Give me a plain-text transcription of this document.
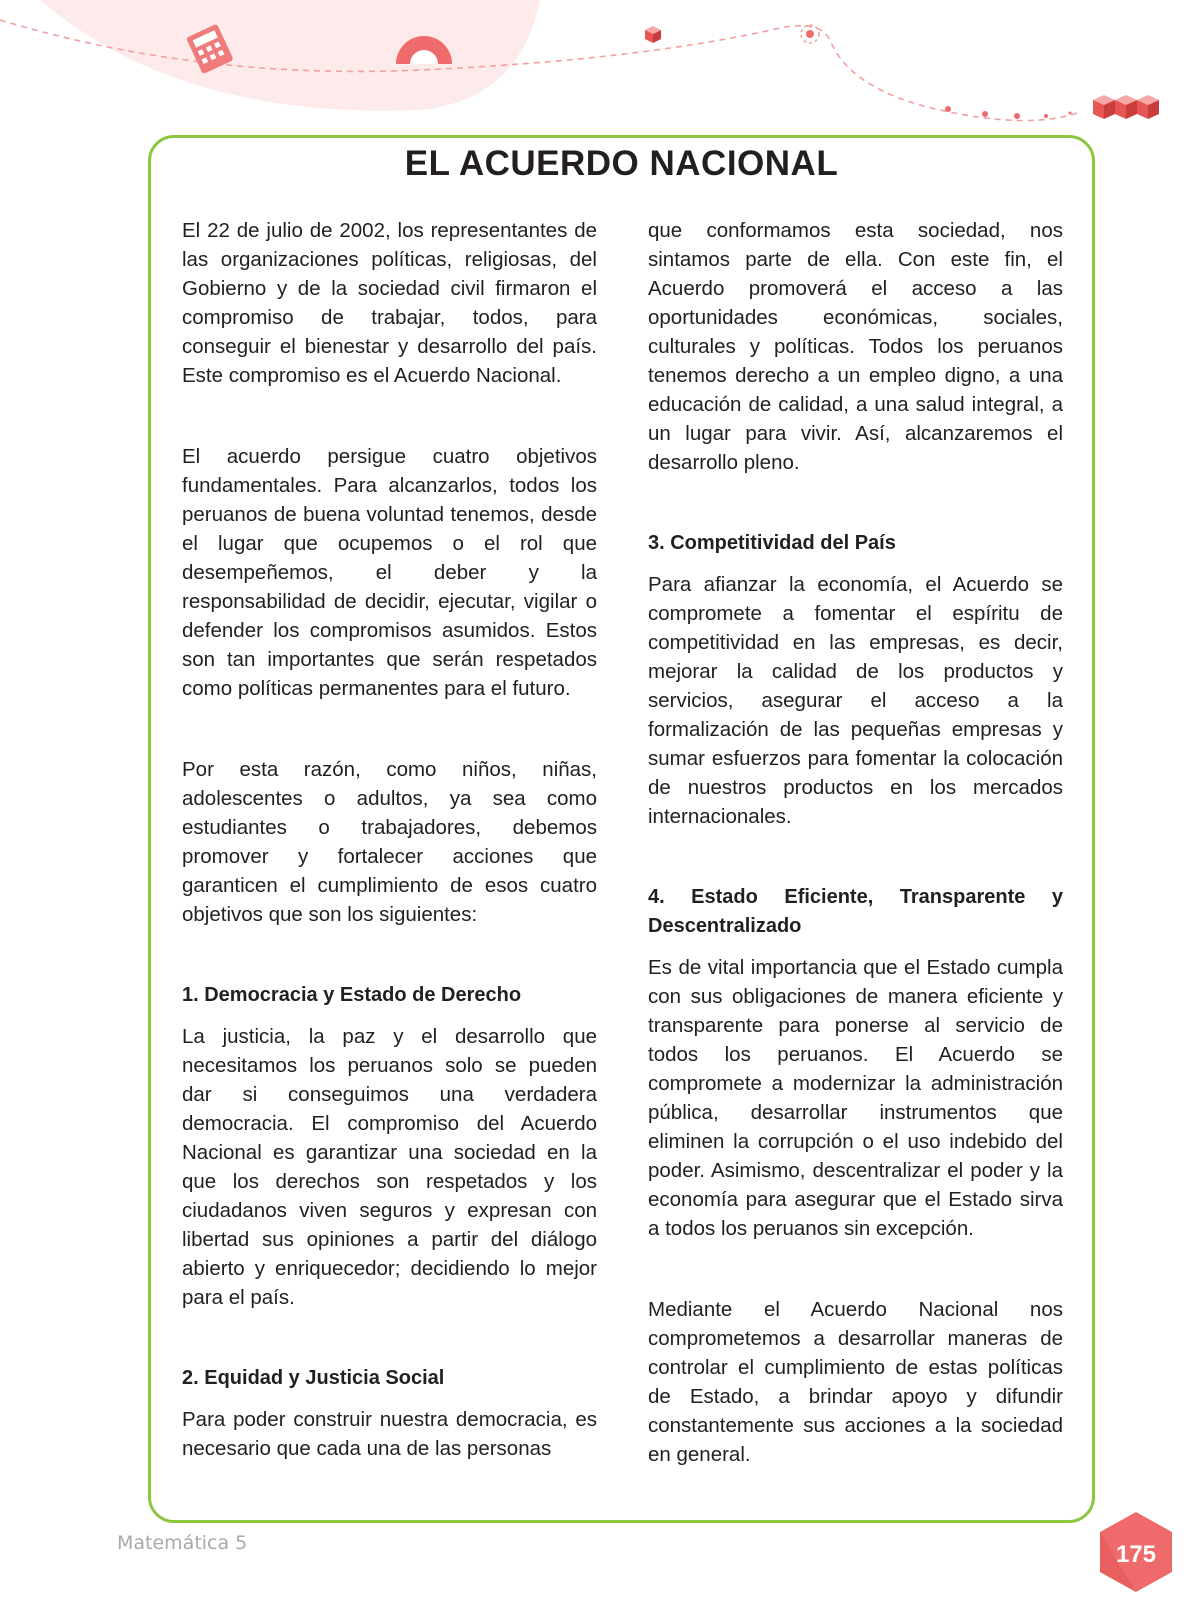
EL ACUERDO NACIONAL

El 22 de julio de 2002, los representantes de las organizaciones políticas, religiosas, del Gobierno y de la sociedad civil firmaron el compromiso de trabajar, todos, para conseguir el bienestar y desarrollo del país. Este compromiso es el Acuerdo Nacional.

El acuerdo persigue cuatro objetivos fundamentales. Para alcanzarlos, todos los peruanos de buena voluntad tenemos, desde el lugar que ocupemos o el rol que desempeñemos, el deber y la responsabilidad de decidir, ejecutar, vigilar o defender los compromisos asumidos. Estos son tan importantes que serán respetados como políticas permanentes para el futuro.

Por esta razón, como niños, niñas, adolescentes o adultos, ya sea como estudiantes o trabajadores, debemos promover y fortalecer acciones que garanticen el cumplimiento de esos cuatro objetivos que son los siguientes:

1. Democracia y Estado de Derecho

La justicia, la paz y el desarrollo que necesitamos los peruanos solo se pueden dar si conseguimos una verdadera democracia. El compromiso del Acuerdo Nacional es garantizar una sociedad en la que los derechos son respetados y los ciudadanos viven seguros y expresan con libertad sus opiniones a partir del diálogo abierto y enriquecedor; decidiendo lo mejor para el país.

2. Equidad y Justicia Social

Para poder construir nuestra democracia, es necesario que cada una de las personas

que conformamos esta sociedad, nos sintamos parte de ella. Con este fin, el Acuerdo promoverá el acceso a las oportunidades económicas, sociales, culturales y políticas. Todos los peruanos tenemos derecho a un empleo digno, a una educación de calidad, a una salud integral, a un lugar para vivir. Así, alcanzaremos el desarrollo pleno.

3. Competitividad del País

Para afianzar la economía, el Acuerdo se compromete a fomentar el espíritu de competitividad en las empresas, es decir, mejorar la calidad de los productos y servicios, asegurar el acceso a la formalización de las pequeñas empresas y sumar esfuerzos para fomentar la colocación de nuestros productos en los mercados internacionales.

4. Estado Eficiente, Transparente y Descentralizado

Es de vital importancia que el Estado cumpla con sus obligaciones de manera eficiente y transparente para ponerse al servicio de todos los peruanos. El Acuerdo se compromete a modernizar la administración pública, desarrollar instrumentos que eliminen la corrupción o el uso indebido del poder. Asimismo, descentralizar el poder y la economía para asegurar que el Estado sirva a todos los peruanos sin excepción.

Mediante el Acuerdo Nacional nos comprometemos a desarrollar maneras de controlar el cumplimiento de estas políticas de Estado, a brindar apoyo y difundir constantemente sus acciones a la sociedad en general.

Matemática 5	175
